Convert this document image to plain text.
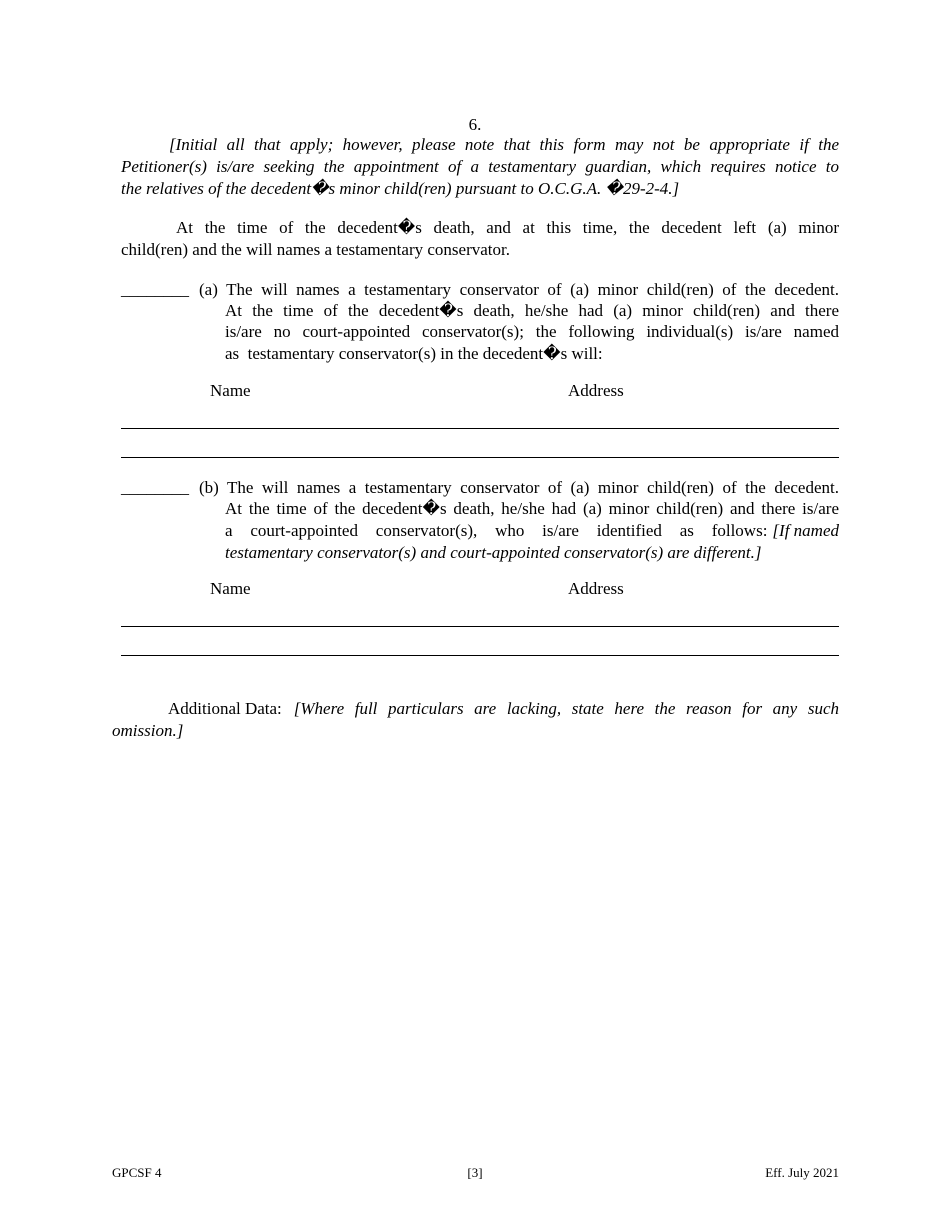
6.
[Initial all that apply; however, please note that this form may not be appropriate if the
Petitioner(s) is/are seeking the appointment of a testamentary guardian, which requires notice to
the relatives of the decedent�s minor child(ren) pursuant to O.C.G.A. �29-2-4.]
At the time of the decedent�s death, and at this time, the decedent left (a) minor
child(ren) and the will names a testamentary conservator.
________ (a) The will names a testamentary conservator of (a) minor child(ren) of the decedent.
At the time of the decedent�s death, he/she had (a) minor child(ren) and there
is/are no court-appointed conservator(s); the following individual(s) is/are named
as  testamentary conservator(s) in the decedent�s will:
Name	Address
________ (b) The will names a testamentary conservator of (a) minor child(ren) of the decedent.
At the time of the decedent�s death, he/she had (a) minor child(ren) and there is/are
a court-appointed conservator(s), who is/are identified as follows: [If named
testamentary conservator(s) and court-appointed conservator(s) are different.]
Name	Address
Additional Data: [Where full particulars are lacking, state here the reason for any such
omission.]
GPCSF 4	[3]	Eff. July 2021
